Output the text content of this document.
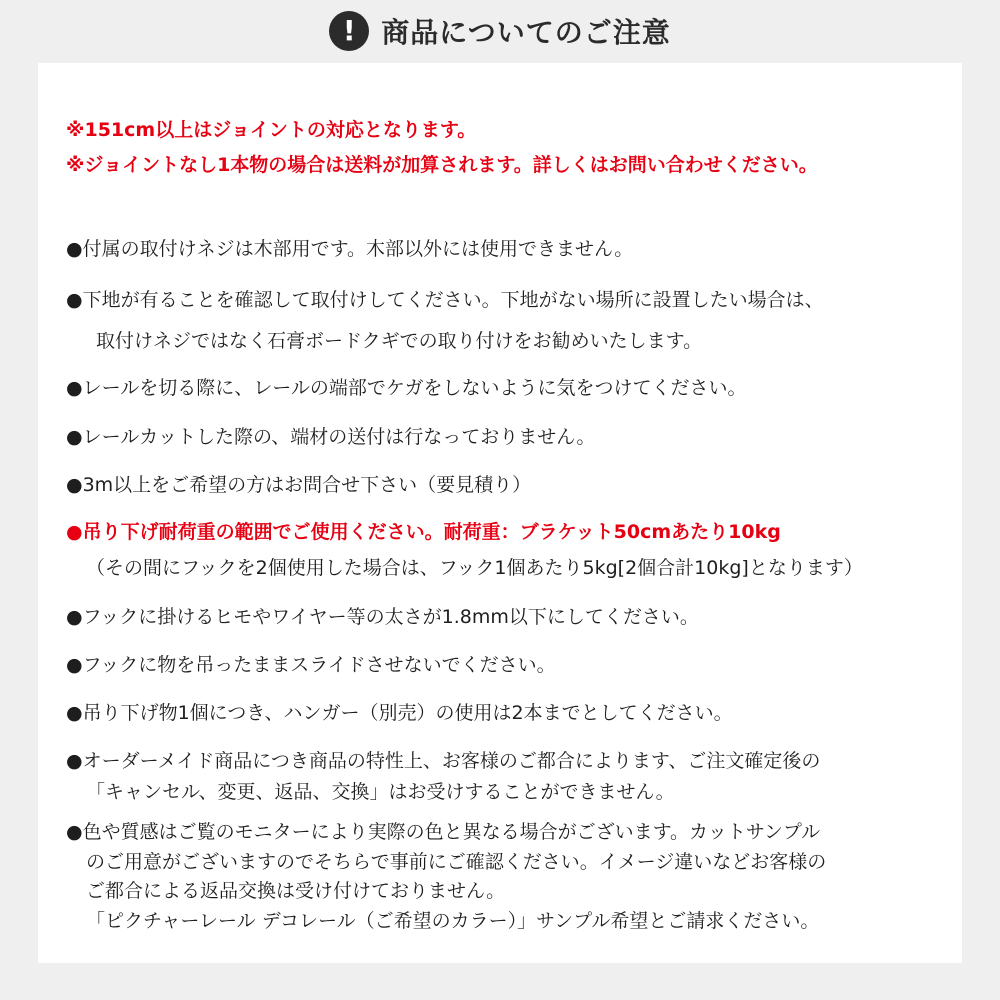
! 商品についてのご注意
※151cm以上はジョイントの対応となります。
※ジョイントなし1本物の場合は送料が加算されます。詳しくはお問い合わせください。
●付属の取付けネジは木部用です。木部以外には使用できません。
●下地が有ることを確認して取付けしてください。下地がない場所に設置したい場合は、
取付けネジではなく石膏ボードクギでの取り付けをお勧めいたします。
●レールを切る際に、レールの端部でケガをしないように気をつけてください。
●レールカットした際の、端材の送付は行なっておりません。
●3m以上をご希望の方はお問合せ下さい（要見積り）
●吊り下げ耐荷重の範囲でご使用ください。耐荷重：ブラケット50cmあたり10kg
（その間にフックを2個使用した場合は、フック1個あたり5kg[2個合計10kg]となります）
●フックに掛けるヒモやワイヤー等の太さが1.8mm以下にしてください。
●フックに物を吊ったままスライドさせないでください。
●吊り下げ物1個につき、ハンガー（別売）の使用は2本までとしてください。
●オーダーメイド商品につき商品の特性上、お客様のご都合によります、ご注文確定後の
「キャンセル、変更、返品、交換」はお受けすることができません。
●色や質感はご覧のモニターにより実際の色と異なる場合がございます。カットサンプル
のご用意がございますのでそちらで事前にご確認ください。イメージ違いなどお客様の
ご都合による返品交換は受け付けておりません。
「ピクチャーレール デコレール（ご希望のカラー）」サンプル希望とご請求ください。
